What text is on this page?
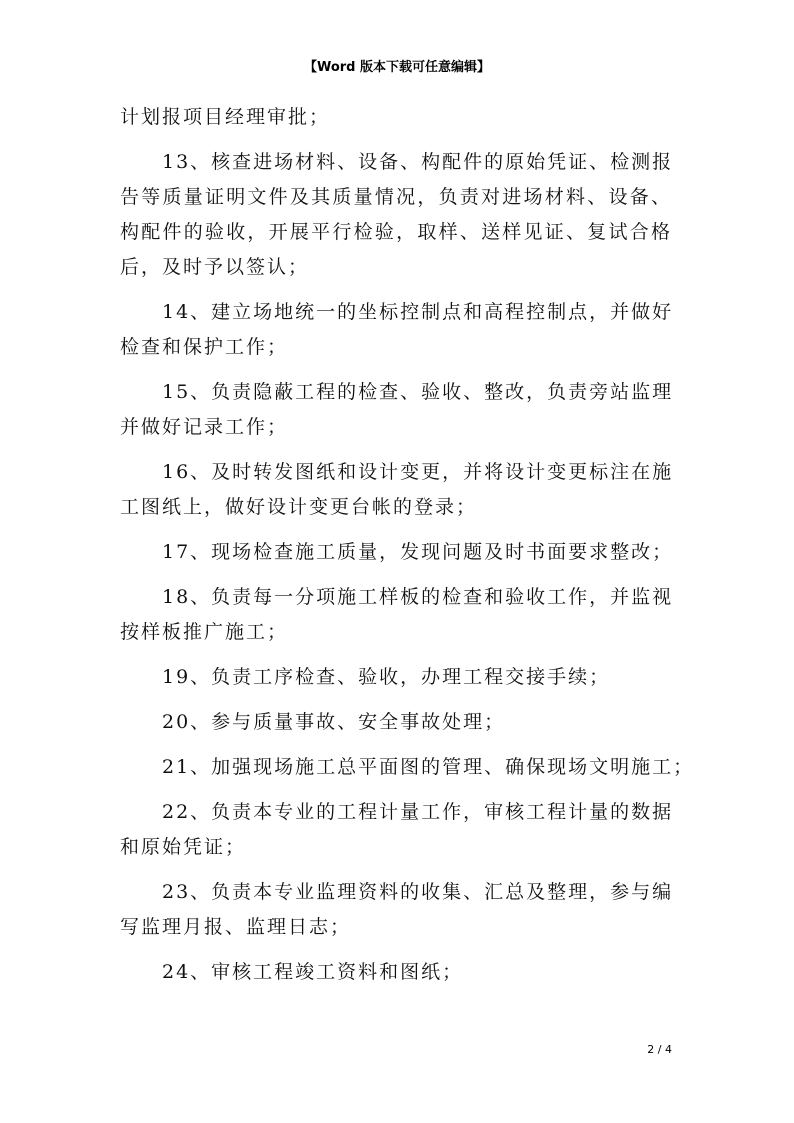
【Word 版本下载可任意编辑】
计划报项目经理审批；
13、核查进场材料、设备、构配件的原始凭证、检测报
告等质量证明文件及其质量情况，负责对进场材料、设备、
构配件的验收，开展平行检验，取样、送样见证、复试合格
后，及时予以签认；
14、建立场地统一的坐标控制点和高程控制点，并做好
检查和保护工作；
15、负责隐蔽工程的检查、验收、整改，负责旁站监理
并做好记录工作；
16、及时转发图纸和设计变更，并将设计变更标注在施
工图纸上，做好设计变更台帐的登录；
17、现场检查施工质量，发现问题及时书面要求整改；
18、负责每一分项施工样板的检查和验收工作，并监视
按样板推广施工；
19、负责工序检查、验收，办理工程交接手续；
20、参与质量事故、安全事故处理；
21、加强现场施工总平面图的管理、确保现场文明施工；
22、负责本专业的工程计量工作，审核工程计量的数据
和原始凭证；
23、负责本专业监理资料的收集、汇总及整理，参与编
写监理月报、监理日志；
24、审核工程竣工资料和图纸；
2 / 4
